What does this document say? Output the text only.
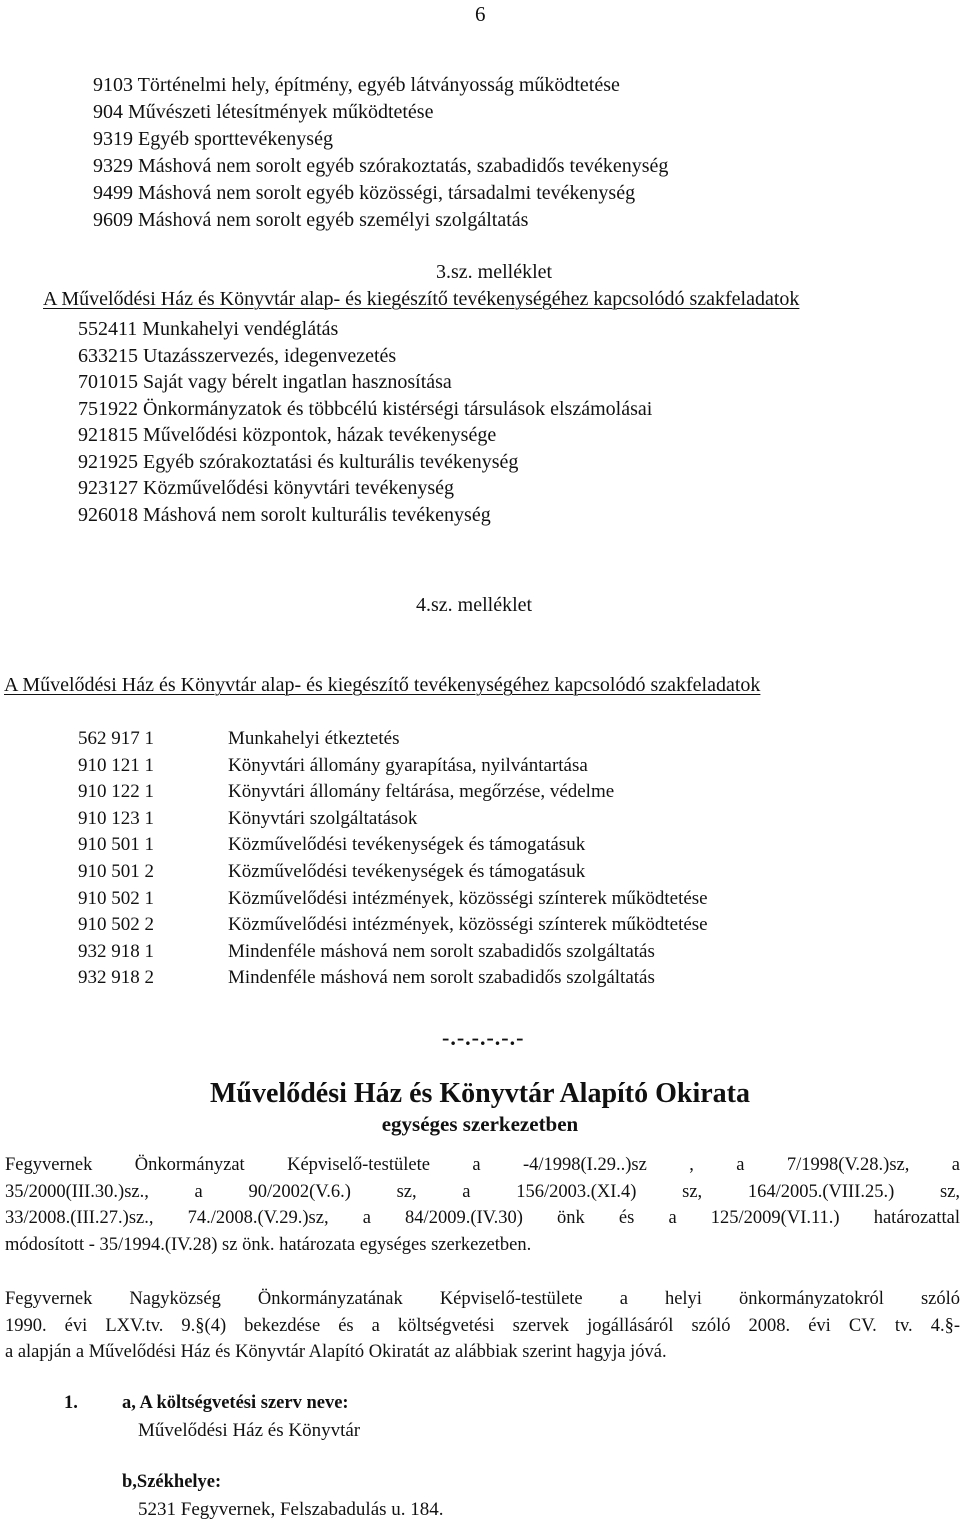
6
9103 Történelmi hely, építmény, egyéb látványosság működtetése
904 Művészeti létesítmények működtetése
9319 Egyéb sporttevékenység
9329 Máshová nem sorolt egyéb szórakoztatás, szabadidős tevékenység
9499 Máshová nem sorolt egyéb közösségi, társadalmi tevékenység
9609 Máshová nem sorolt egyéb személyi szolgáltatás
3.sz. melléklet
A Művelődési Ház és Könyvtár alap- és kiegészítő tevékenységéhez kapcsolódó szakfeladatok
552411 Munkahelyi vendéglátás
633215 Utazásszervezés, idegenvezetés
701015 Saját vagy bérelt ingatlan hasznosítása
751922 Önkormányzatok és többcélú kistérségi társulások elszámolásai
921815 Művelődési központok, házak tevékenysége
921925 Egyéb szórakoztatási és kulturális tevékenység
923127 Közművelődési könyvtári tevékenység
926018 Máshová nem sorolt kulturális tevékenység
4.sz. melléklet
A Művelődési Ház és Könyvtár alap- és kiegészítő tevékenységéhez kapcsolódó szakfeladatok
562 917 1	Munkahelyi étkeztetés
910 121 1	Könyvtári állomány gyarapítása, nyilvántartása
910 122 1	Könyvtári állomány feltárása, megőrzése, védelme
910 123 1	Könyvtári szolgáltatások
910 501 1	Közművelődési tevékenységek és támogatásuk
910 501 2	Közművelődési tevékenységek és támogatásuk
910 502 1	Közművelődési intézmények, közösségi színterek működtetése
910 502 2	Közművelődési intézmények, közösségi színterek működtetése
932 918 1	Mindenféle máshová nem sorolt szabadidős szolgáltatás
932 918 2	Mindenféle máshová nem sorolt szabadidős szolgáltatás
-.-.-.-.-.-
Művelődési Ház és Könyvtár Alapító Okirata
egységes szerkezetben
Fegyvernek Önkormányzat Képviselő-testülete a -4/1998(I.29..)sz , a 7/1998(V.28.)sz, a
35/2000(III.30.)sz., a 90/2002(V.6.) sz, a 156/2003.(XI.4) sz, 164/2005.(VIII.25.) sz,
33/2008.(III.27.)sz., 74./2008.(V.29.)sz, a 84/2009.(IV.30) önk és a 125/2009(VI.11.) határozattal
módosított - 35/1994.(IV.28) sz önk. határozata egységes szerkezetben.
Fegyvernek Nagyközség Önkormányzatának Képviselő-testülete a helyi önkormányzatokról szóló
1990. évi LXV.tv. 9.§(4) bekezdése és a költségvetési szervek jogállásáról szóló 2008. évi CV. tv. 4.§-
a alapján a Művelődési Ház és Könyvtár Alapító Okiratát az alábbiak szerint hagyja jóvá.
1. a, A költségvetési szerv neve:
Művelődési Ház és Könyvtár
b,Székhelye:
5231 Fegyvernek, Felszabadulás u. 184.
